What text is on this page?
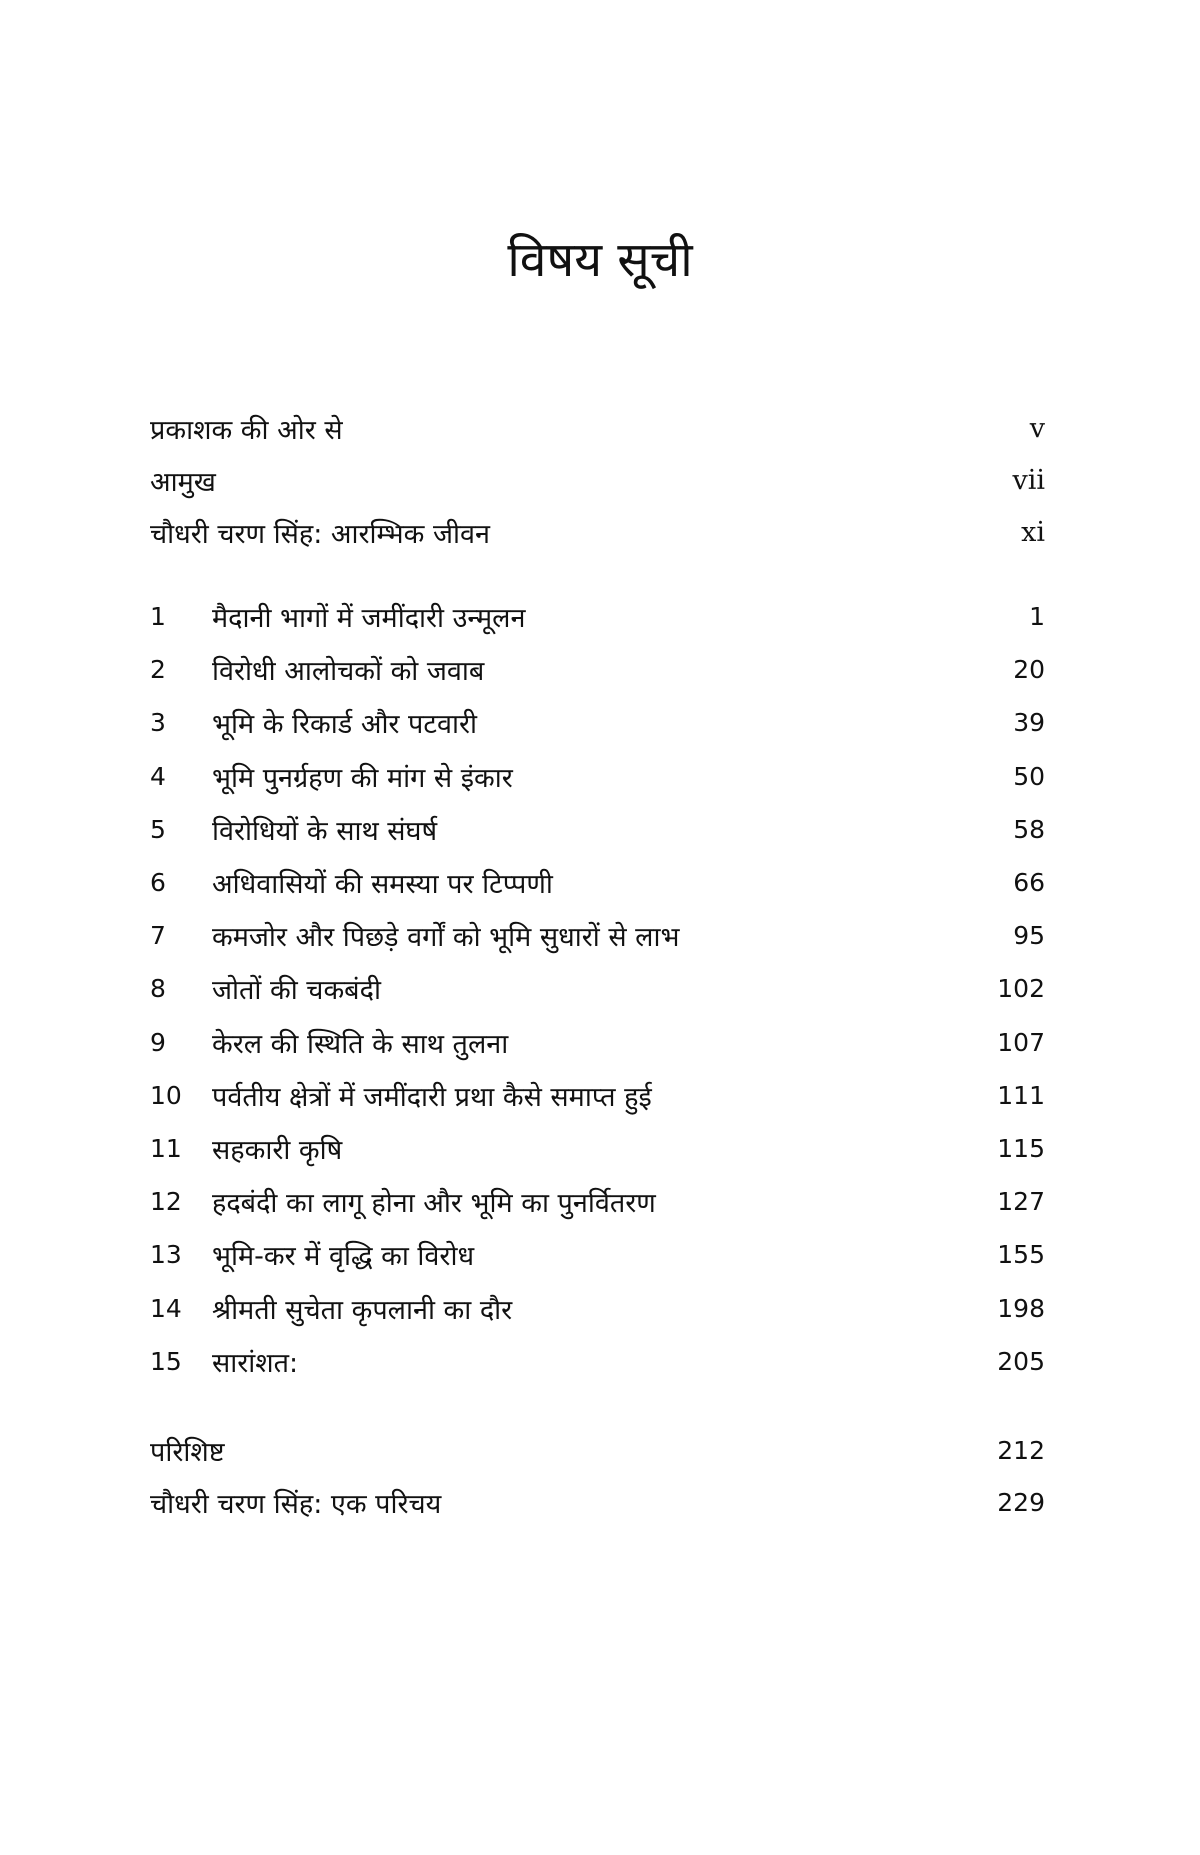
विषय सूची
प्रकाशक की ओर से	v
आमुख	vii
चौधरी चरण सिंह: आरम्भिक जीवन	xi
1	मैदानी भागों में जमींदारी उन्मूलन	1
2	विरोधी आलोचकों को जवाब	20
3	भूमि के रिकार्ड और पटवारी	39
4	भूमि पुनर्ग्रहण की मांग से इंकार	50
5	विरोधियों के साथ संघर्ष	58
6	अधिवासियों की समस्या पर टिप्पणी	66
7	कमजोर और पिछड़े वर्गों को भूमि सुधारों से लाभ	95
8	जोतों की चकबंदी	102
9	केरल की स्थिति के साथ तुलना	107
10	पर्वतीय क्षेत्रों में जमींदारी प्रथा कैसे समाप्त हुई	111
11	सहकारी कृषि	115
12	हदबंदी का लागू होना और भूमि का पुनर्वितरण	127
13	भूमि-कर में वृद्धि का विरोध	155
14	श्रीमती सुचेता कृपलानी का दौर	198
15	सारांशत:	205
परिशिष्ट	212
चौधरी चरण सिंह: एक परिचय	229
